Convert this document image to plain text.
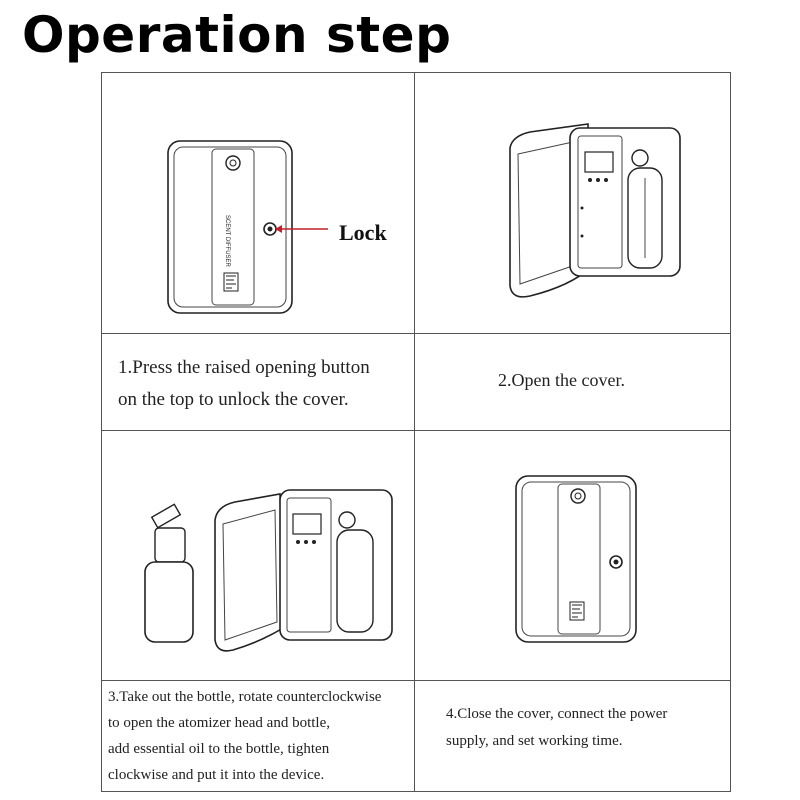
Operation step
SCENT DIFFUSER	Lock
1.Press the raised opening button
on the top to unlock the cover.
2.Open the cover.
3.Take out the bottle, rotate counterclockwise
to open the atomizer head and bottle,
add essential oil to the bottle, tighten
clockwise and put it into the device.
4.Close the cover, connect the power
supply, and set working time.
